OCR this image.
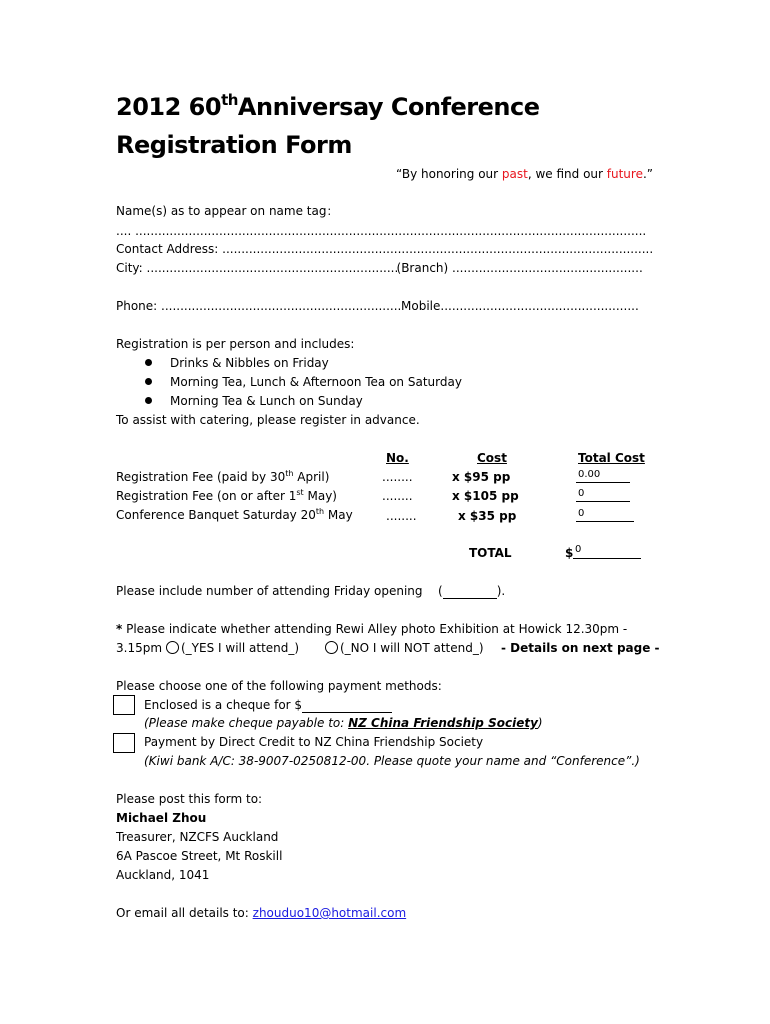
2012 60thAnniversay Conference
Registration Form
“By honoring our past, we find our future.”
Name(s) as to appear on name tag：
.... .....
Contact Address: .....
City: .....	(Branch) .....
Phone: .....	Mobile.....
Registration is per person and includes:
Drinks & Nibbles on Friday
Morning Tea, Lunch & Afternoon Tea on Saturday
Morning Tea & Lunch on Sunday
To assist with catering, please register in advance.
No.	Cost	Total Cost
Registration Fee (paid by 30th April)	........	x $95 pp	0.00
Registration Fee (on or after 1st May)	........	x $105 pp	0
Conference Banquet Saturday 20th May	........	x $35 pp	0
TOTAL	$ 0
Please include number of attending Friday opening (	).
* Please indicate whether attending Rewi Alley photo Exhibition at Howick 12.30pm -
3.15pm (_YES I will attend_)	(_NO I will NOT attend_) - Details on next page -
Please choose one of the following payment methods:
Enclosed is a cheque for $
(Please make cheque payable to: NZ China Friendship Society)
Payment by Direct Credit to NZ China Friendship Society
(Kiwi bank A/C: 38-9007-0250812-00. Please quote your name and “Conference”.)
Please post this form to:
Michael Zhou
Treasurer, NZCFS Auckland
6A Pascoe Street, Mt Roskill
Auckland, 1041
Or email all details to: zhouduo10@hotmail.com
